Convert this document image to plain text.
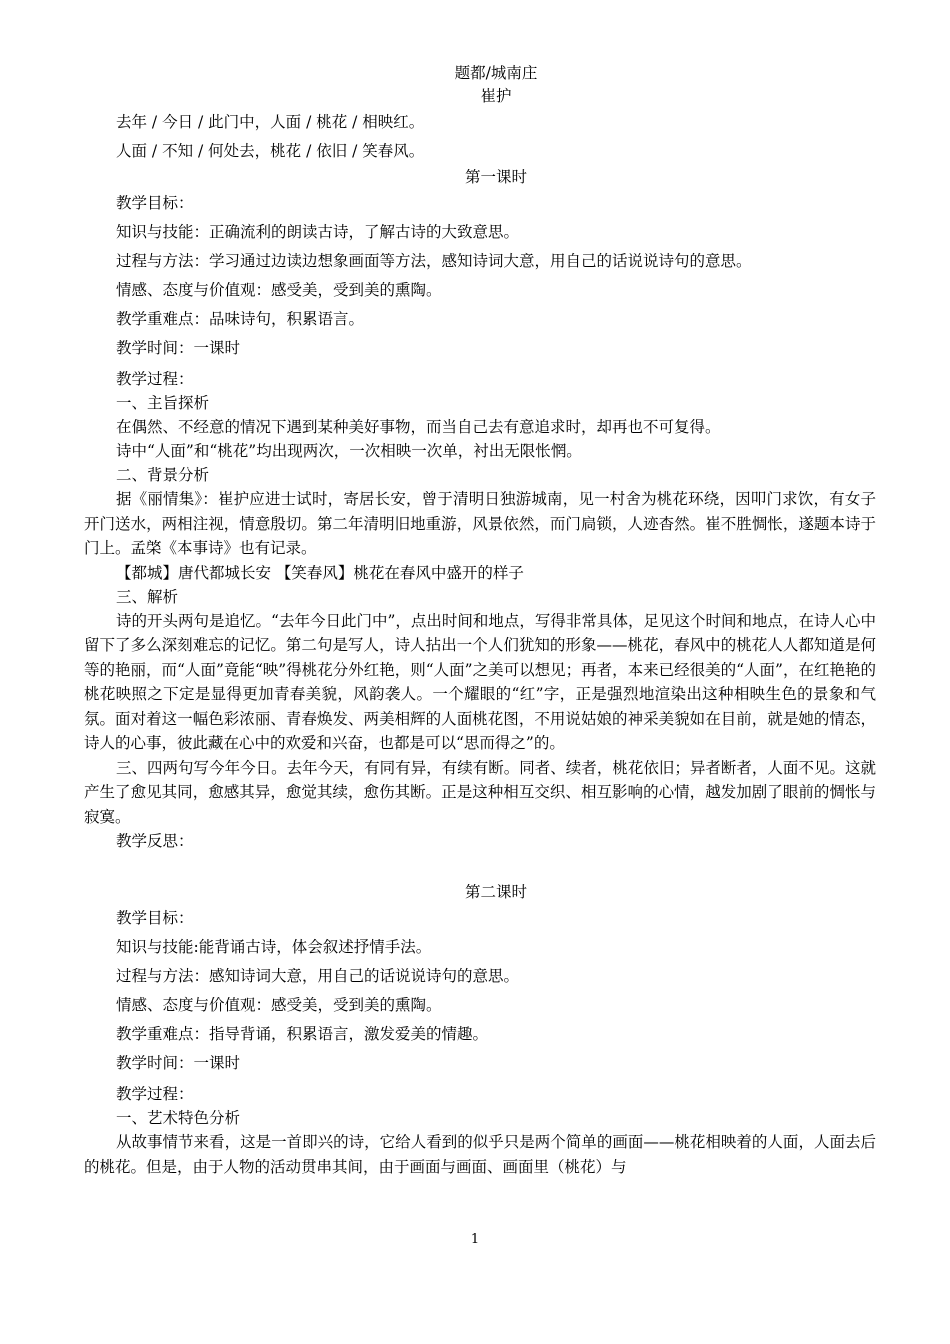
题都/城南庄
崔护
去年 / 今日 / 此门中，人面 / 桃花 / 相映红。
人面 / 不知 / 何处去，桃花 / 依旧 / 笑春风。
第一课时
教学目标：
知识与技能：正确流利的朗读古诗，了解古诗的大致意思。
过程与方法：学习通过边读边想象画面等方法，感知诗词大意，用自己的话说说诗句的意思。
情感、态度与价值观：感受美，受到美的熏陶。
教学重难点：品味诗句，积累语言。
教学时间：一课时
教学过程：
一、主旨探析
在偶然、不经意的情况下遇到某种美好事物，而当自己去有意追求时，却再也不可复得。
诗中“人面”和“桃花”均出现两次，一次相映一次单，衬出无限怅惘。
二、背景分析
据《丽情集》：崔护应进士试时，寄居长安，曾于清明日独游城南，见一村舍为桃花环绕，因叩门求饮，有女子开门送水，两相注视，情意殷切。第二年清明旧地重游，风景依然，而门扃锁，人迹杳然。崔不胜惆怅，遂题本诗于门上。孟棨《本事诗》也有记录。
【都城】唐代都城长安 【笑春风】桃花在春风中盛开的样子
三、解析
诗的开头两句是追忆。“去年今日此门中”，点出时间和地点，写得非常具体，足见这个时间和地点，在诗人心中留下了多么深刻难忘的记忆。第二句是写人，诗人拈出一个人们犹知的形象——桃花，春风中的桃花人人都知道是何等的艳丽，而“人面”竟能“映”得桃花分外红艳，则“人面”之美可以想见；再者，本来已经很美的“人面”，在红艳艳的桃花映照之下定是显得更加青春美貌，风韵袭人。一个耀眼的“红”字，正是强烈地渲染出这种相映生色的景象和气氛。面对着这一幅色彩浓丽、青春焕发、两美相辉的人面桃花图，不用说姑娘的神采美貌如在目前，就是她的情态，诗人的心事，彼此藏在心中的欢爱和兴奋，也都是可以“思而得之”的。
三、四两句写今年今日。去年今天，有同有异，有续有断。同者、续者，桃花依旧；异者断者，人面不见。这就产生了愈见其同，愈感其异，愈觉其续，愈伤其断。正是这种相互交织、相互影响的心情，越发加剧了眼前的惆怅与寂寞。
教学反思：
第二课时
教学目标：
知识与技能:能背诵古诗，体会叙述抒情手法。
过程与方法：感知诗词大意，用自己的话说说诗句的意思。
情感、态度与价值观：感受美，受到美的熏陶。
教学重难点：指导背诵，积累语言，激发爱美的情趣。
教学时间：一课时
教学过程：
一、艺术特色分析
从故事情节来看，这是一首即兴的诗，它给人看到的似乎只是两个简单的画面——桃花相映着的人面，人面去后的桃花。但是，由于人物的活动贯串其间，由于画面与画面、画面里（桃花）与
1
